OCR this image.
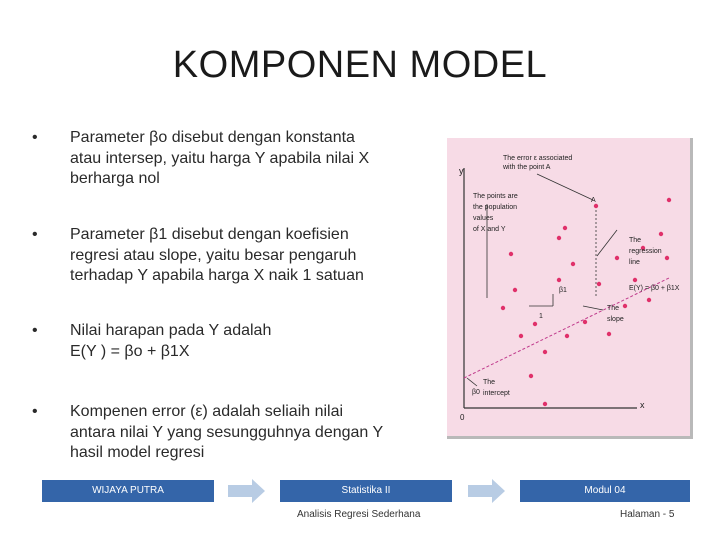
KOMPONEN MODEL
• Parameter βo disebut dengan konstanta
atau intersep, yaitu harga Y apabila nilai X
berharga nol
• Parameter β1 disebut dengan koefisien
regresi atau slope, yaitu besar pengaruh
terhadap Y apabila harga X naik 1 satuan
• Nilai harapan pada Y adalah
E(Y ) = βo + β1X
• Kompenen error (ε) adalah seliaih nilai
antara nilai Y yang sesungguhnya dengan Y
hasil model regresi
y
x
0
The error ε associated
with the point A
A
The points are
the population
values
of X and Y
The
regression
line
E(Y) = β0 + β1X
β1
1
The
slope
β0
The
intercept
WIJAYA PUTRA	Statistika II	Modul 04
Analisis Regresi Sederhana	Halaman - 5
